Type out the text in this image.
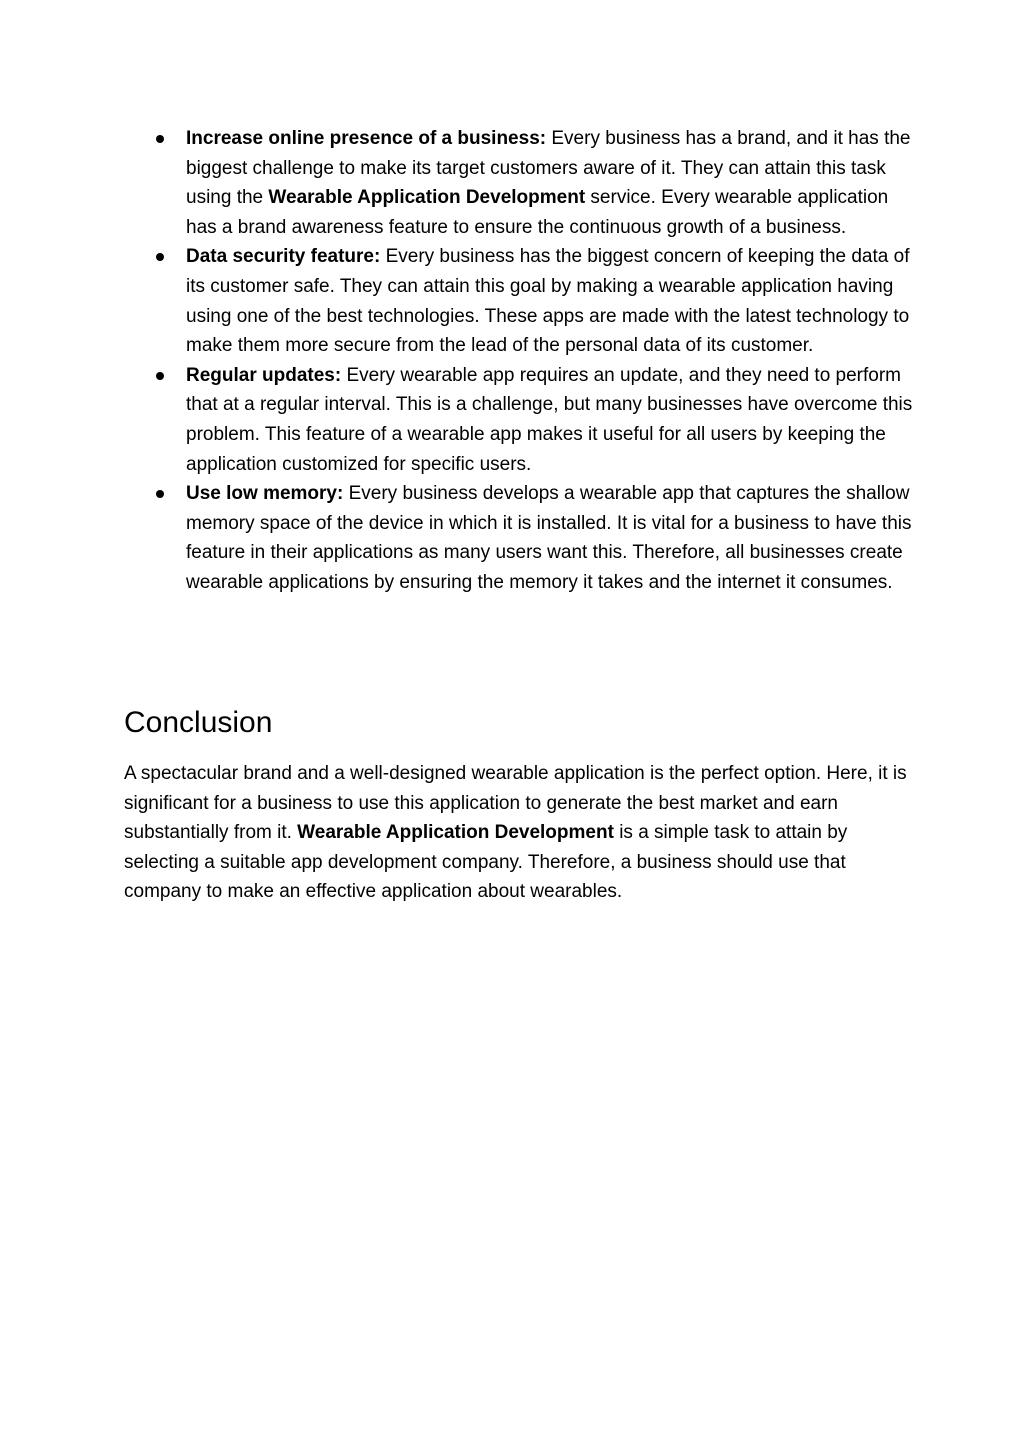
Increase online presence of a business: Every business has a brand, and it has the biggest challenge to make its target customers aware of it. They can attain this task using the Wearable Application Development service. Every wearable application has a brand awareness feature to ensure the continuous growth of a business.
Data security feature: Every business has the biggest concern of keeping the data of its customer safe. They can attain this goal by making a wearable application having using one of the best technologies. These apps are made with the latest technology to make them more secure from the lead of the personal data of its customer.
Regular updates: Every wearable app requires an update, and they need to perform that at a regular interval. This is a challenge, but many businesses have overcome this problem. This feature of a wearable app makes it useful for all users by keeping the application customized for specific users.
Use low memory: Every business develops a wearable app that captures the shallow memory space of the device in which it is installed. It is vital for a business to have this feature in their applications as many users want this. Therefore, all businesses create wearable applications by ensuring the memory it takes and the internet it consumes.
Conclusion

A spectacular brand and a well-designed wearable application is the perfect option. Here, it is significant for a business to use this application to generate the best market and earn substantially from it. Wearable Application Development is a simple task to attain by selecting a suitable app development company. Therefore, a business should use that company to make an effective application about wearables.
